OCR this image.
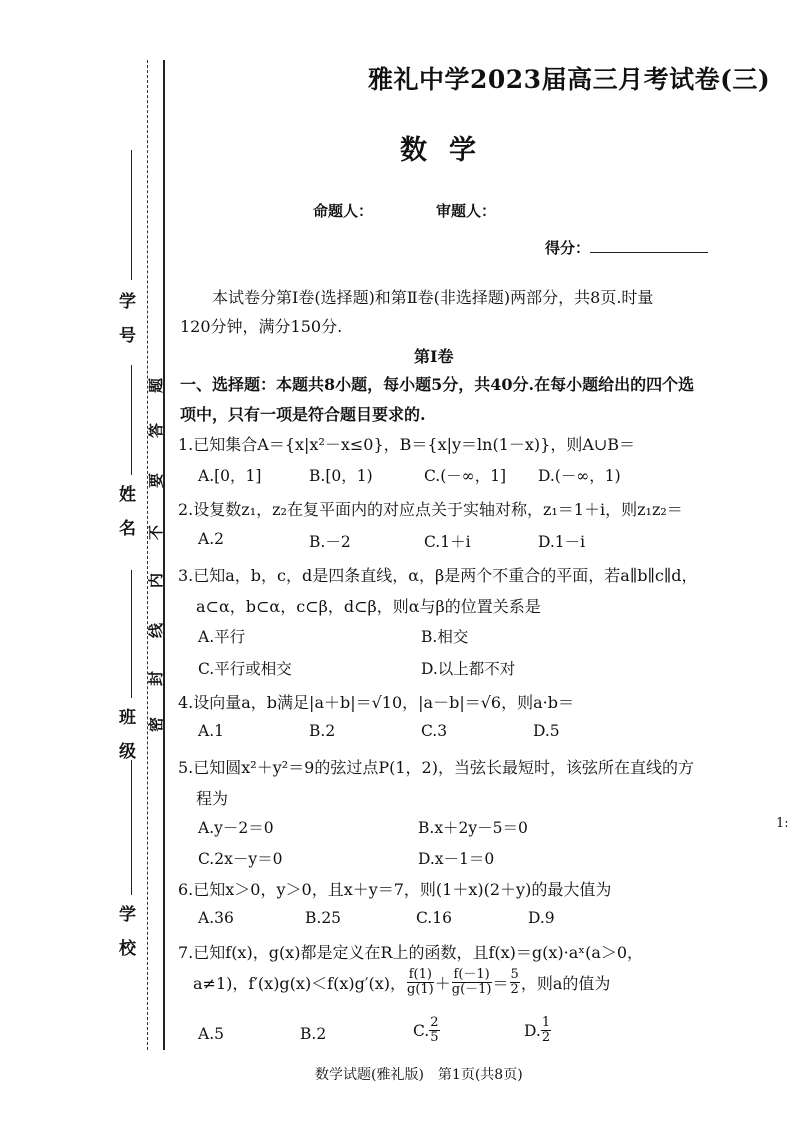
学　号
姓　名
班　级
学　校
题
答
要
不
内
线
封
密
1:
雅礼中学2023届高三月考试卷(三)
数学
命题人：	审题人：
得分：
本试卷分第Ⅰ卷(选择题)和第Ⅱ卷(非选择题)两部分，共8页.时量
120分钟，满分150分.
第Ⅰ卷
一、选择题：本题共8小题，每小题5分，共40分.在每小题给出的四个选
项中，只有一项是符合题目要求的.
1.已知集合A＝{x|x²－x≤0}，B＝{x|y＝ln(1－x)}，则A∪B＝
A.[0，1]	B.[0，1)	C.(－∞，1] D.(－∞，1)
2.设复数z₁，z₂在复平面内的对应点关于实轴对称，z₁＝1＋i，则z₁z₂＝
A.2	B.－2	C.1＋i	D.1－i
3.已知a，b，c，d是四条直线，α，β是两个不重合的平面，若a∥b∥c∥d，
a⊂α，b⊂α，c⊂β，d⊂β，则α与β的位置关系是
A.平行	B.相交
C.平行或相交	D.以上都不对
4.设向量a，b满足|a＋b|＝√10，|a－b|＝√6，则a·b＝
A.1	B.2	C.3	D.5
5.已知圆x²＋y²＝9的弦过点P(1，2)，当弦长最短时，该弦所在直线的方
程为
A.y－2＝0	B.x＋2y－5＝0
C.2x－y＝0	D.x－1＝0
6.已知x＞0，y＞0，且x＋y＝7，则(1＋x)(2＋y)的最大值为
A.36	B.25	C.16	D.9
7.已知f(x)，g(x)都是定义在R上的函数，且f(x)＝g(x)·aˣ(a＞0，
a≠1)，f′(x)g(x)＜f(x)g′(x)， $\frac{f(1)}{g(1)} + \frac{f(-1)}{g(-1)} = \frac{5}{2}$ ，则a的值为
A.5	B.2	C. $\frac{2}{5}$	D. $\frac{1}{2}$
数学试题(雅礼版)　第1页(共8页)
